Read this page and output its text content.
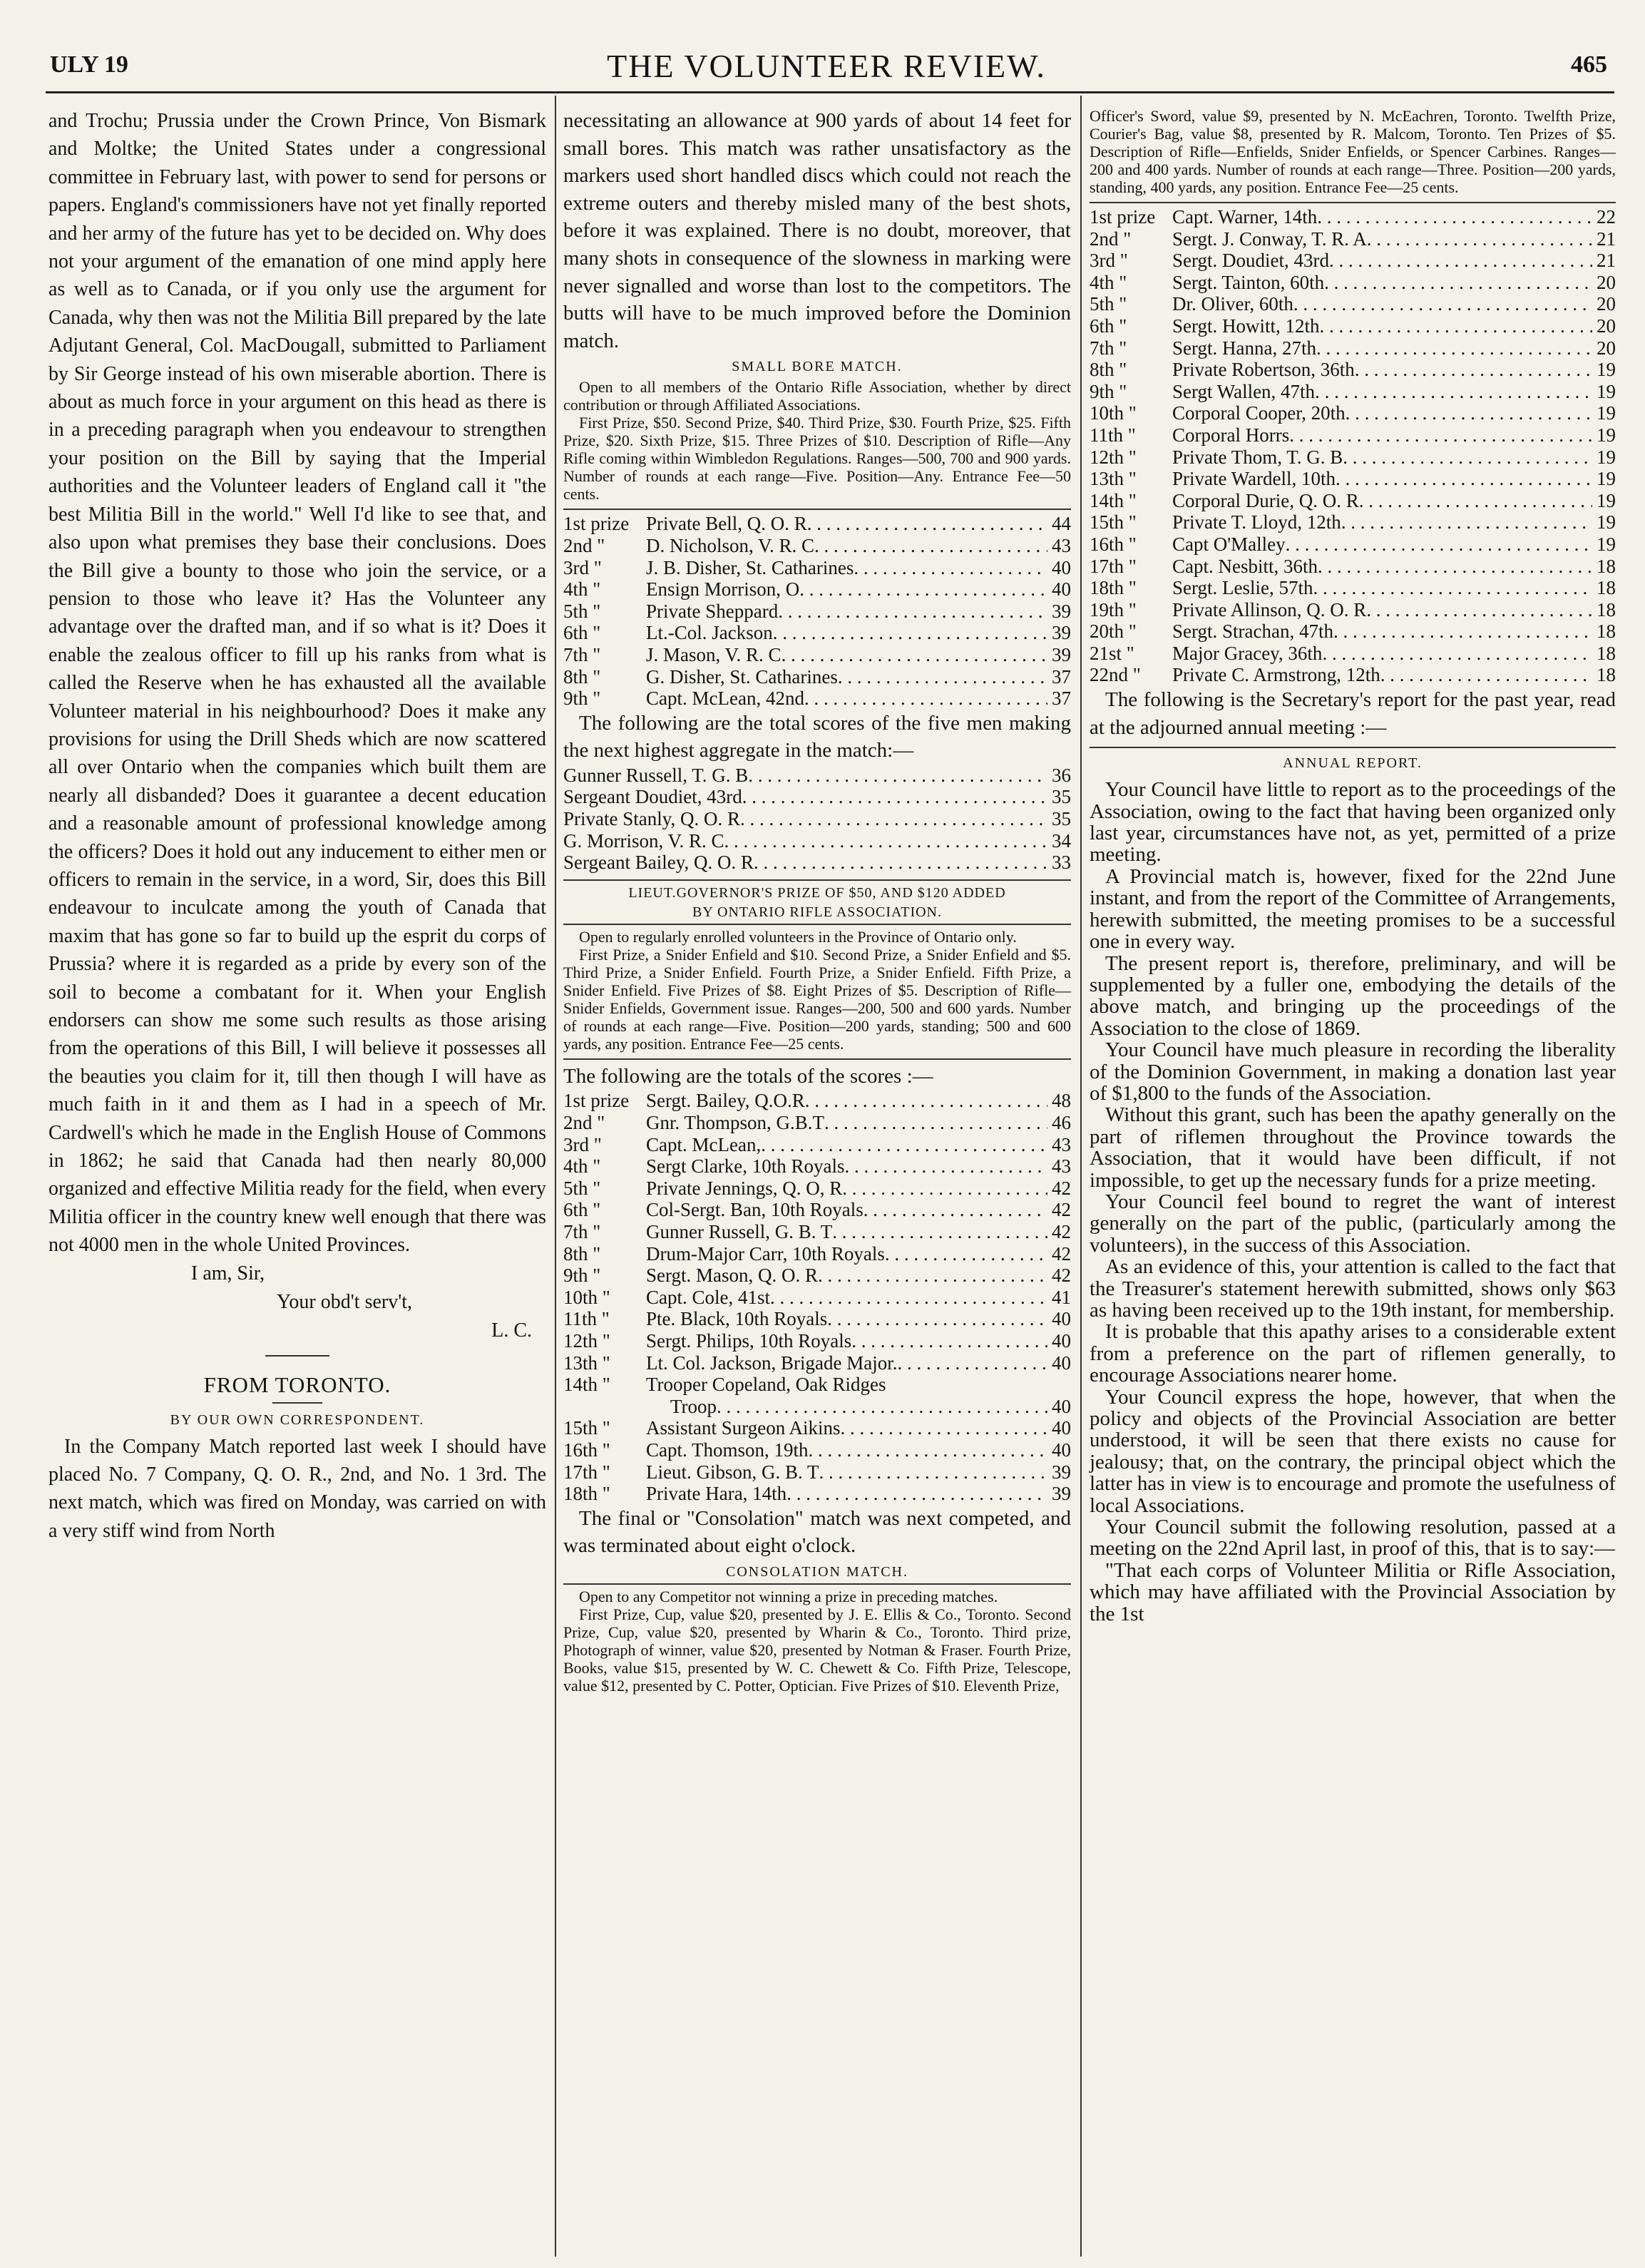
ULY 19	THE VOLUNTEER REVIEW.	465

and Trochu; Prussia under the Crown Prince, Von Bismark and Moltke; the United States under a congressional committee in February last, with power to send for persons or papers. England's commissioners have not yet finally reported and her army of the future has yet to be decided on. Why does not your argument of the emanation of one mind apply here as well as to Canada, or if you only use the argument for Canada, why then was not the Militia Bill prepared by the late Adjutant General, Col. MacDougall, submitted to Parliament by Sir George instead of his own miserable abortion. There is about as much force in your argument on this head as there is in a preceding paragraph when you endeavour to strengthen your position on the Bill by saying that the Imperial authorities and the Volunteer leaders of England call it "the best Militia Bill in the world." Well I'd like to see that, and also upon what premises they base their conclusions. Does the Bill give a bounty to those who join the service, or a pension to those who leave it? Has the Volunteer any advantage over the drafted man, and if so what is it? Does it enable the zealous officer to fill up his ranks from what is called the Reserve when he has exhausted all the available Volunteer material in his neighbourhood? Does it make any provisions for using the Drill Sheds which are now scattered all over Ontario when the companies which built them are nearly all disbanded? Does it guarantee a decent education and a reasonable amount of professional knowledge among the officers? Does it hold out any inducement to either men or officers to remain in the service, in a word, Sir, does this Bill endeavour to inculcate among the youth of Canada that maxim that has gone so far to build up the esprit du corps of Prussia? where it is regarded as a pride by every son of the soil to become a combatant for it. When your English endorsers can show me some such results as those arising from the operations of this Bill, I will believe it possesses all the beauties you claim for it, till then though I will have as much faith in it and them as I had in a speech of Mr. Cardwell's which he made in the English House of Commons in 1862; he said that Canada had then nearly 80,000 organized and effective Militia ready for the field, when every Militia officer in the country knew well enough that there was not 4000 men in the whole United Provinces.

I am, Sir,
Your obd't serv't,
L. C.
FROM TORONTO.
BY OUR OWN CORRESPONDENT.

In the Company Match reported last week I should have placed No. 7 Company, Q. O. R., 2nd, and No. 1 3rd. The next match, which was fired on Monday, was carried on with a very stiff wind from North

necessitating an allowance at 900 yards of about 14 feet for small bores. This match was rather unsatisfactory as the markers used short handled discs which could not reach the extreme outers and thereby misled many of the best shots, before it was explained. There is no doubt, moreover, that many shots in consequence of the slowness in marking were never signalled and worse than lost to the competitors. The butts will have to be much improved before the Dominion match.

SMALL BORE MATCH.

Open to all members of the Ontario Rifle Association, whether by direct contribution or through Affiliated Associations.

First Prize, $50. Second Prize, $40. Third Prize, $30. Fourth Prize, $25. Fifth Prize, $20. Sixth Prize, $15. Three Prizes of $10. Description of Rifle—Any Rifle coming within Wimbledon Regulations. Ranges—500, 700 and 900 yards. Number of rounds at each range—Five. Position—Any. Entrance Fee—50 cents.

1st prize Private Bell, Q. O. R . . .	44
2nd "	D. Nicholson, V. R. C . . .	43
3rd "	J. B. Disher, St. Catharines . . .	40
4th "	Ensign Morrison, O . . .	40
5th "	Private Sheppard . . .	39
6th "	Lt.-Col. Jackson . . .	39
7th "	J. Mason, V. R. C . . .	39
8th "	G. Disher, St. Catharines . . .	37
9th "	Capt. McLean, 42nd . . .	37

The following are the total scores of the five men making the next highest aggregate in the match:—

Gunner Russell, T. G. B . . .	36
Sergeant Doudiet, 43rd . . .	35
Private Stanly, Q. O. R . . .	35
G. Morrison, V. R. C . . .	34
Sergeant Bailey, Q. O. R . . .	33
LIEUT.GOVERNOR'S PRIZE OF $50, AND $120 ADDED
BY ONTARIO RIFLE ASSOCIATION.

Open to regularly enrolled volunteers in the Province of Ontario only.

First Prize, a Snider Enfield and $10. Second Prize, a Snider Enfield and $5. Third Prize, a Snider Enfield. Fourth Prize, a Snider Enfield. Fifth Prize, a Snider Enfield. Five Prizes of $8. Eight Prizes of $5. Description of Rifle—Snider Enfields, Government issue. Ranges—200, 500 and 600 yards. Number of rounds at each range—Five. Position—200 yards, standing; 500 and 600 yards, any position. Entrance Fee—25 cents.

The following are the totals of the scores :—

1st prize Sergt. Bailey, Q.O.R . . .	48
2nd "	Gnr. Thompson, G.B.T . . .	46
3rd "	Capt. McLean, . . .	43
4th "	Sergt Clarke, 10th Royals . . .	43
5th "	Private Jennings, Q. O, R . . .	42
6th "	Col-Sergt. Ban, 10th Royals . . .	42
7th "	Gunner Russell, G. B. T . . .	42
8th "	Drum-Major Carr, 10th Royals . . .	42
9th "	Sergt. Mason, Q. O. R . . .	42
10th "	Capt. Cole, 41st . . .	41
11th "	Pte. Black, 10th Royals . . .	40
12th "	Sergt. Philips, 10th Royals . . .	40
13th "	Lt. Col. Jackson, Brigade Major. . . .	40
14th "	Trooper Copeland, Oak Ridges
Troop . . .	40
15th "	Assistant Surgeon Aikins . . .	40
16th "	Capt. Thomson, 19th . . .	40
17th "	Lieut. Gibson, G. B. T . . .	39
18th "	Private Hara, 14th . . .	39

The final or "Consolation" match was next competed, and was terminated about eight o'clock.

CONSOLATION MATCH.

Open to any Competitor not winning a prize in preceding matches.

First Prize, Cup, value $20, presented by J. E. Ellis & Co., Toronto. Second Prize, Cup, value $20, presented by Wharin & Co., Toronto. Third prize, Photograph of winner, value $20, presented by Notman & Fraser. Fourth Prize, Books, value $15, presented by W. C. Chewett & Co. Fifth Prize, Telescope, value $12, presented by C. Potter, Optician. Five Prizes of $10. Eleventh Prize,

Officer's Sword, value $9, presented by N. McEachren, Toronto. Twelfth Prize, Courier's Bag, value $8, presented by R. Malcom, Toronto. Ten Prizes of $5. Description of Rifle—Enfields, Snider Enfields, or Spencer Carbines. Ranges—200 and 400 yards. Number of rounds at each range—Three. Position—200 yards, standing, 400 yards, any position. Entrance Fee—25 cents.

1st prize Capt. Warner, 14th . . .	22
2nd "	Sergt. J. Conway, T. R. A . . .	21
3rd "	Sergt. Doudiet, 43rd . . .	21
4th "	Sergt. Tainton, 60th . . .	20
5th "	Dr. Oliver, 60th . . .	20
6th "	Sergt. Howitt, 12th . . .	20
7th "	Sergt. Hanna, 27th . . .	20
8th "	Private Robertson, 36th . . .	19
9th "	Sergt Wallen, 47th . . .	19
10th "	Corporal Cooper, 20th . . .	19
11th "	Corporal Horrs . . .	19
12th "	Private Thom, T. G. B . . .	19
13th "	Private Wardell, 10th . . .	19
14th "	Corporal Durie, Q. O. R . . .	19
15th "	Private T. Lloyd, 12th . . .	19
16th "	Capt O'Malley . . .	19
17th "	Capt. Nesbitt, 36th . . .	18
18th "	Sergt. Leslie, 57th . . .	18
19th "	Private Allinson, Q. O. R . . .	18
20th "	Sergt. Strachan, 47th . . .	18
21st "	Major Gracey, 36th . . .	18
22nd "	Private C. Armstrong, 12th . . .	18

The following is the Secretary's report for the past year, read at the adjourned annual meeting :—

ANNUAL REPORT.

Your Council have little to report as to the proceedings of the Association, owing to the fact that having been organized only last year, circumstances have not, as yet, permitted of a prize meeting.

A Provincial match is, however, fixed for the 22nd June instant, and from the report of the Committee of Arrangements, herewith submitted, the meeting promises to be a successful one in every way.

The present report is, therefore, preliminary, and will be supplemented by a fuller one, embodying the details of the above match, and bringing up the proceedings of the Association to the close of 1869.

Your Council have much pleasure in recording the liberality of the Dominion Government, in making a donation last year of $1,800 to the funds of the Association.

Without this grant, such has been the apathy generally on the part of riflemen throughout the Province towards the Association, that it would have been difficult, if not impossible, to get up the necessary funds for a prize meeting.

Your Council feel bound to regret the want of interest generally on the part of the public, (particularly among the volunteers), in the success of this Association.

As an evidence of this, your attention is called to the fact that the Treasurer's statement herewith submitted, shows only $63 as having been received up to the 19th instant, for membership.

It is probable that this apathy arises to a considerable extent from a preference on the part of riflemen generally, to encourage Associations nearer home.

Your Council express the hope, however, that when the policy and objects of the Provincial Association are better understood, it will be seen that there exists no cause for jealousy; that, on the contrary, the principal object which the latter has in view is to encourage and promote the usefulness of local Associations.

Your Council submit the following resolution, passed at a meeting on the 22nd April last, in proof of this, that is to say:—

"That each corps of Volunteer Militia or Rifle Association, which may have affiliated with the Provincial Association by the 1st
